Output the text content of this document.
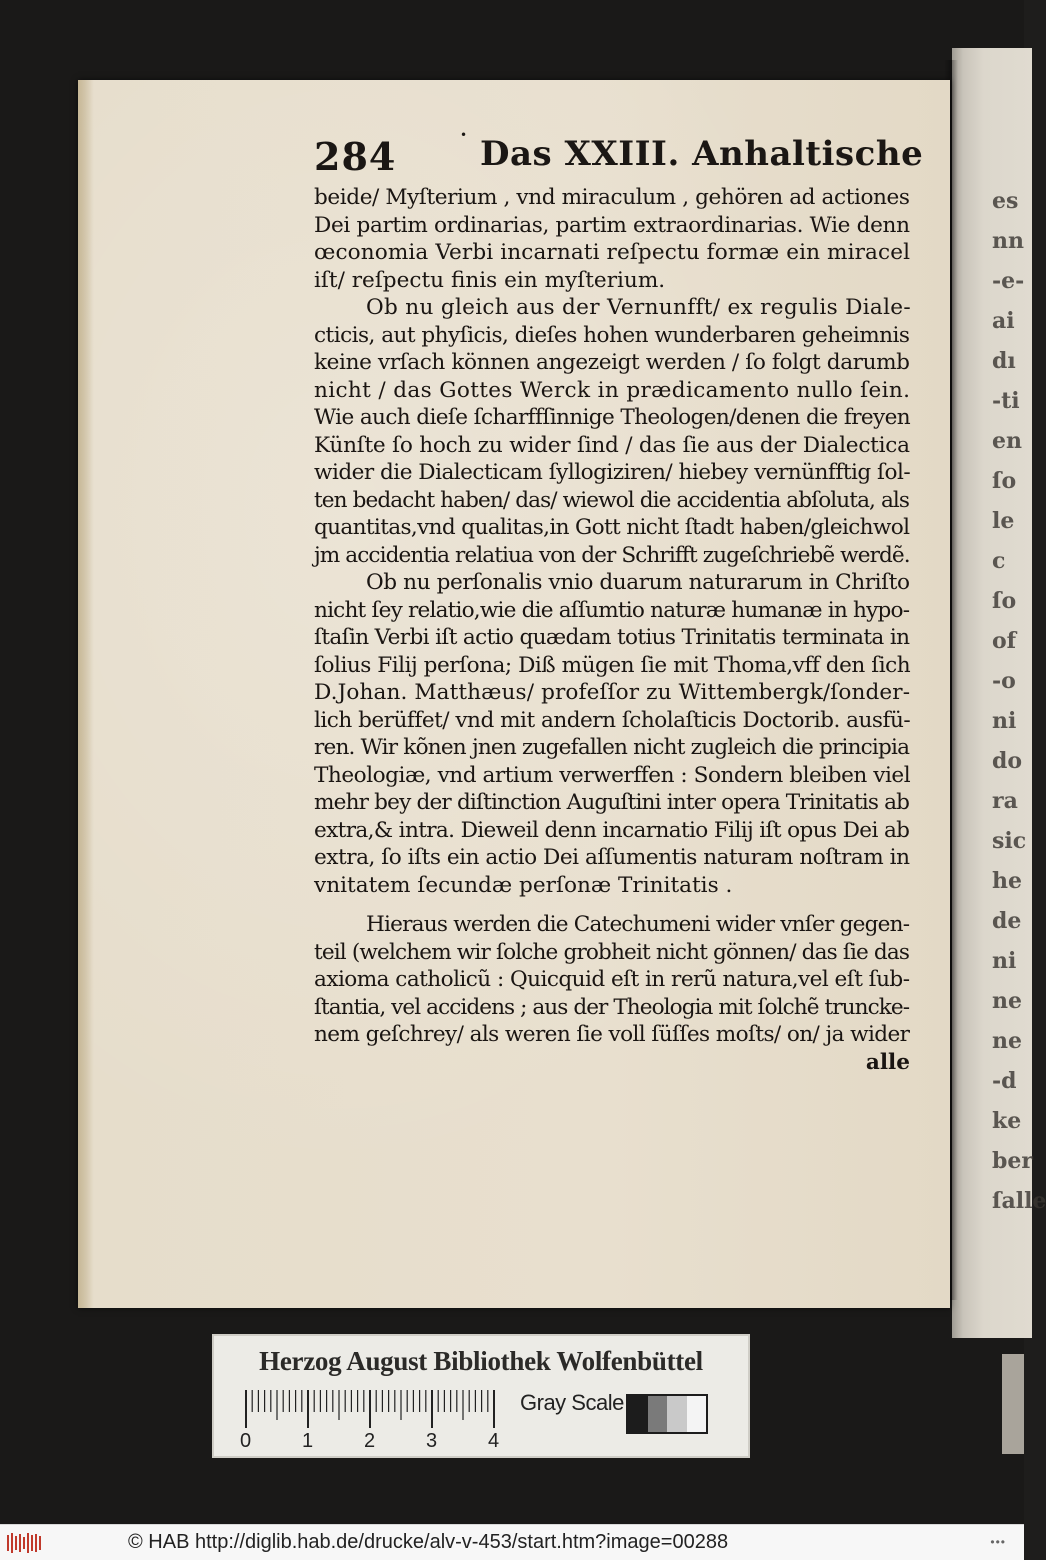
es
nn
-e-
ai
dı
-ti
en
ſo
le
c
ſo
of
-o
ni
do
ra
sic
he
de
ni
ne
ne
-d
ke
ber
ſalle
284	• Das XXIII. Anhaltische
beide/ Myſterium , vnd miraculum , gehören ad actiones
Dei partim ordinarias, partim extraordinarias. Wie denn
œconomia Verbi incarnati reſpectu formæ ein miracel
iſt/ reſpectu finis ein myſterium.
Ob nu gleich aus der Vernunfft/ ex regulis Diale-
cticis, aut phyſicis, dieſes hohen wunderbaren geheimnis
keine vrſach können angezeigt werden / ſo folgt darumb
nicht / das Gottes Werck in prædicamento nullo ſein.
Wie auch dieſe ſcharffſinnige Theologen/denen die freyen
Künſte ſo hoch zu wider ſind / das ſie aus der Dialectica
wider die Dialecticam ſyllogiziren/ hiebey vernünfftig ſol-
ten bedacht haben/ das/ wiewol die accidentia abſoluta, als
quantitas,vnd qualitas,in Gott nicht ſtadt haben/gleichwol
jm accidentia relatiua von der Schrifft zugeſchriebẽ werdẽ.
Ob nu perſonalis vnio duarum naturarum in Chriſto
nicht ſey relatio,wie die aſſumtio naturæ humanæ in hypo-
ſtaſin Verbi iſt actio quædam totius Trinitatis terminata in
ſolius Filij perſona; Diß mügen ſie mit Thoma,vff den ſich
D.Johan. Matthæus/ profeſſor zu Wittembergk/ſonder-
lich berüffet/ vnd mit andern ſcholaſticis Doctorib. ausfü-
ren. Wir kõnen jnen zugefallen nicht zugleich die principia
Theologiæ, vnd artium verwerffen : Sondern bleiben viel
mehr bey der diſtinction Auguſtini inter opera Trinitatis ab
extra,& intra. Dieweil denn incarnatio Filij iſt opus Dei ab
extra, ſo iſts ein actio Dei aſſumentis naturam noſtram in
vnitatem ſecundæ perſonæ Trinitatis .
Hieraus werden die Catechumeni wider vnſer gegen-
teil (welchem wir ſolche grobheit nicht gönnen/ das ſie das
axioma catholicũ : Quicquid eſt in rerũ natura,vel eſt ſub-
ſtantia, vel accidens ; aus der Theologia mit ſolchẽ truncke-
nem geſchrey/ als weren ſie voll ſüſſes moſts/ on/ ja wider
alle
Herzog August Bibliothek Wolfenbüttel
Gray Scale
0	1	2	3	4
© HAB http://diglib.hab.de/drucke/alv-v-453/start.htm?image=00288	•••
